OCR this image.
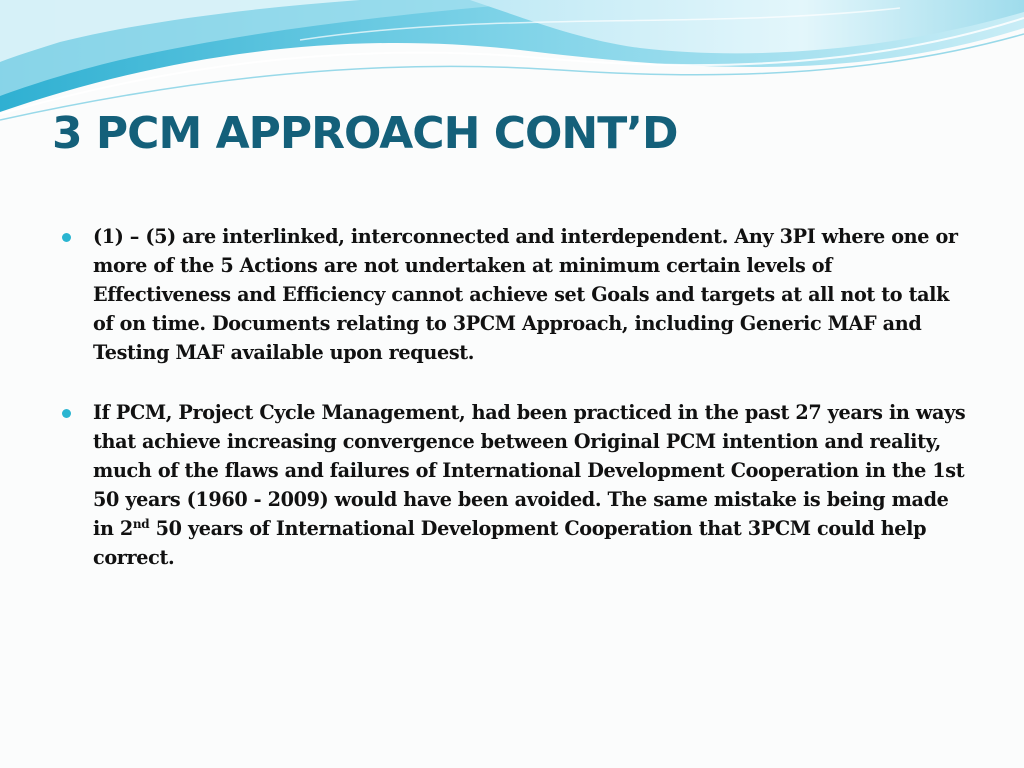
3 PCM APPROACH CONT’D
(1) – (5) are interlinked, interconnected and interdependent. Any 3PI where one or more of the 5 Actions are not undertaken at minimum certain levels of Effectiveness and Efficiency cannot achieve set Goals and targets at all not to talk of on time. Documents relating to 3PCM Approach, including Generic MAF and Testing MAF available upon request.
If PCM, Project Cycle Management, had been practiced in the past 27 years in ways that achieve increasing convergence between Original PCM intention and reality, much of the flaws and failures of International Development Cooperation in the 1st 50 years (1960 - 2009) would have been avoided. The same mistake is being made in 2nd 50 years of International Development Cooperation that 3PCM could help correct.
